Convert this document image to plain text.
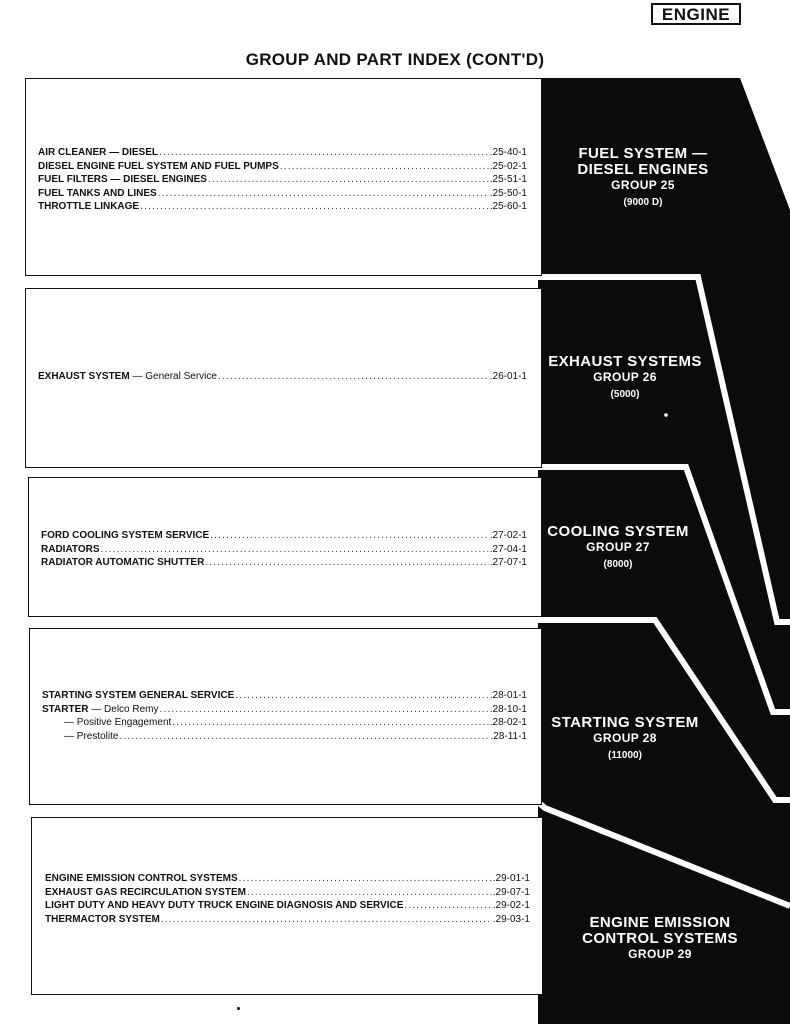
ENGINE
GROUP AND PART INDEX (CONT'D)
AIR CLEANER — DIESEL .....	.25-40-1
DIESEL ENGINE FUEL SYSTEM AND FUEL PUMPS .....	.25-02-1
FUEL FILTERS — DIESEL ENGINES .....	.25-51-1
FUEL TANKS AND LINES .....	.25-50-1
THROTTLE LINKAGE .....	.25-60-1
EXHAUST SYSTEM — General Service .....	.26-01-1
FORD COOLING SYSTEM SERVICE .....	.27-02-1
RADIATORS .....	.27-04-1
RADIATOR AUTOMATIC SHUTTER .....	.27-07-1
STARTING SYSTEM GENERAL SERVICE .....	.28-01-1
STARTER — Delco Remy .....	.28-10-1
— Positive Engagement .....	.28-02-1
— Prestolite .....	.28-11-1
ENGINE EMISSION CONTROL SYSTEMS .....	.29-01-1
EXHAUST GAS RECIRCULATION SYSTEM .....	.29-07-1
LIGHT DUTY AND HEAVY DUTY TRUCK ENGINE DIAGNOSIS AND SERVICE .....	.29-02-1
THERMACTOR SYSTEM .....	.29-03-1
FUEL SYSTEM —
DIESEL ENGINES
GROUP 25
(9000 D)
EXHAUST SYSTEMS
GROUP 26
(5000)
COOLING SYSTEM
GROUP 27
(8000)
STARTING SYSTEM
GROUP 28
(11000)
ENGINE EMISSION
CONTROL SYSTEMS
GROUP 29
